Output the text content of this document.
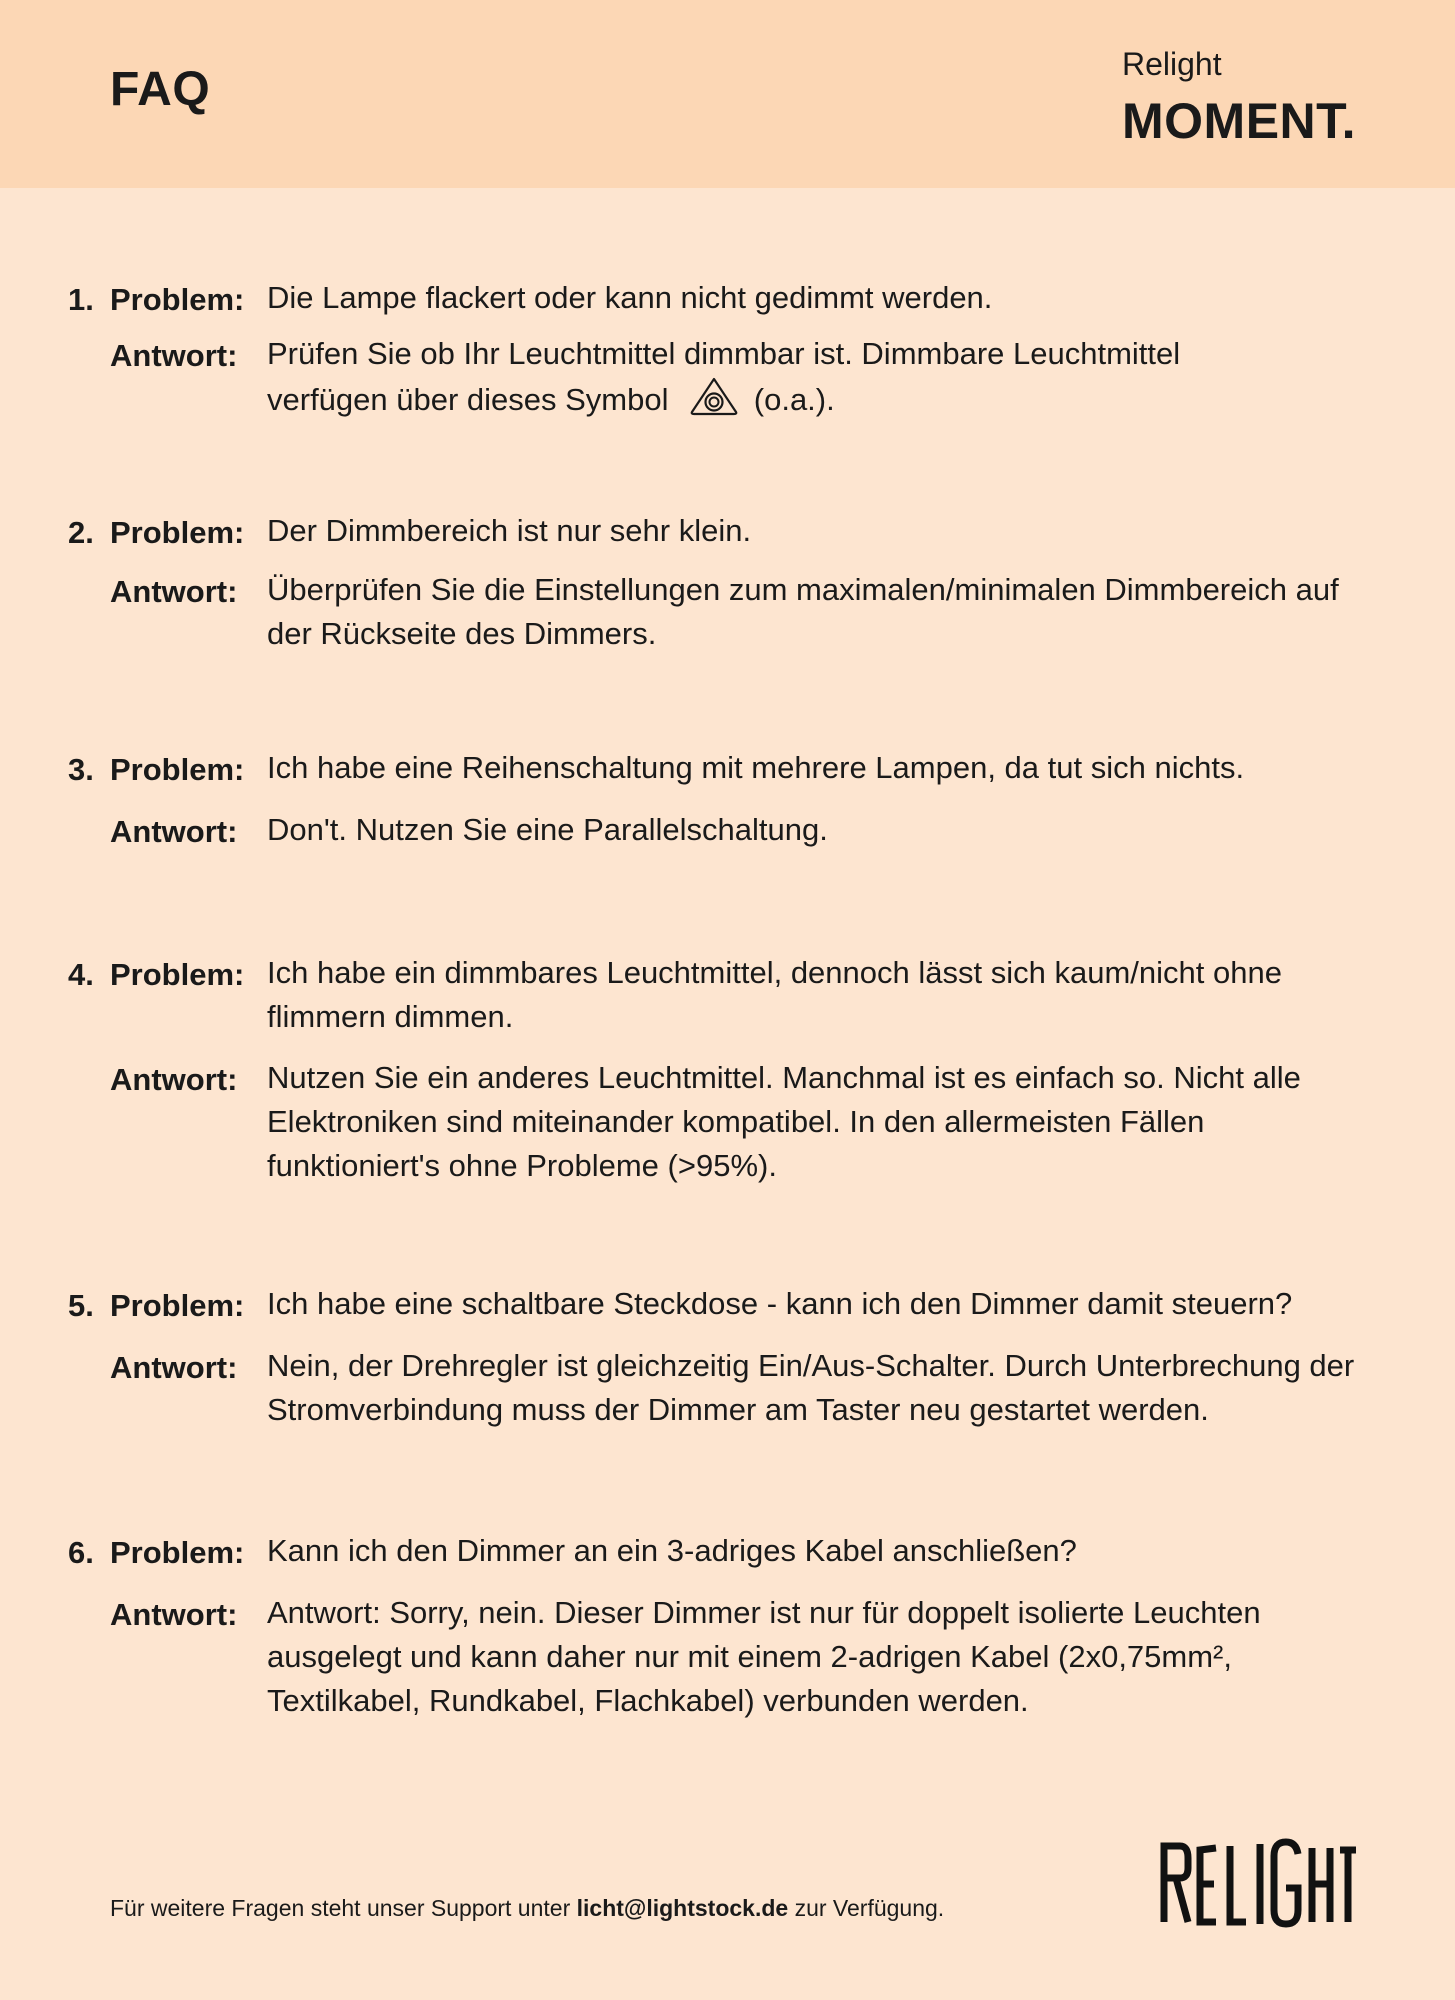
FAQ	Relight
MOMENT.
1. Problem: Die Lampe flackert oder kann nicht gedimmt werden.
Antwort: Prüfen Sie ob Ihr Leuchtmittel dimmbar ist. Dimmbare Leuchtmittel
verfügen über dieses Symbol	(o.a.).
2. Problem: Der Dimmbereich ist nur sehr klein.
Antwort: Überprüfen Sie die Einstellungen zum maximalen/minimalen Dimmbereich auf der Rückseite des Dimmers.
3. Problem: Ich habe eine Reihenschaltung mit mehrere Lampen, da tut sich nichts.
Antwort: Don't. Nutzen Sie eine Parallelschaltung.
4. Problem: Ich habe ein dimmbares Leuchtmittel, dennoch lässt sich kaum/nicht ohne flimmern dimmen.
Antwort: Nutzen Sie ein anderes Leuchtmittel. Manchmal ist es einfach so. Nicht alle Elektroniken sind miteinander kompatibel. In den allermeisten Fällen funktioniert's ohne Probleme (>95%).
5. Problem: Ich habe eine schaltbare Steckdose - kann ich den Dimmer damit steuern?
Antwort: Nein, der Drehregler ist gleichzeitig Ein/Aus-Schalter. Durch Unterbrechung der Stromverbindung muss der Dimmer am Taster neu gestartet werden.
6. Problem: Kann ich den Dimmer an ein 3-adriges Kabel anschließen?
Antwort: Antwort: Sorry, nein. Dieser Dimmer ist nur für doppelt isolierte Leuchten ausgelegt und kann daher nur mit einem 2-adrigen Kabel (2x0,75mm², Textilkabel, Rundkabel, Flachkabel) verbunden werden.
Für weitere Fragen steht unser Support unter licht@lightstock.de zur Verfügung.
